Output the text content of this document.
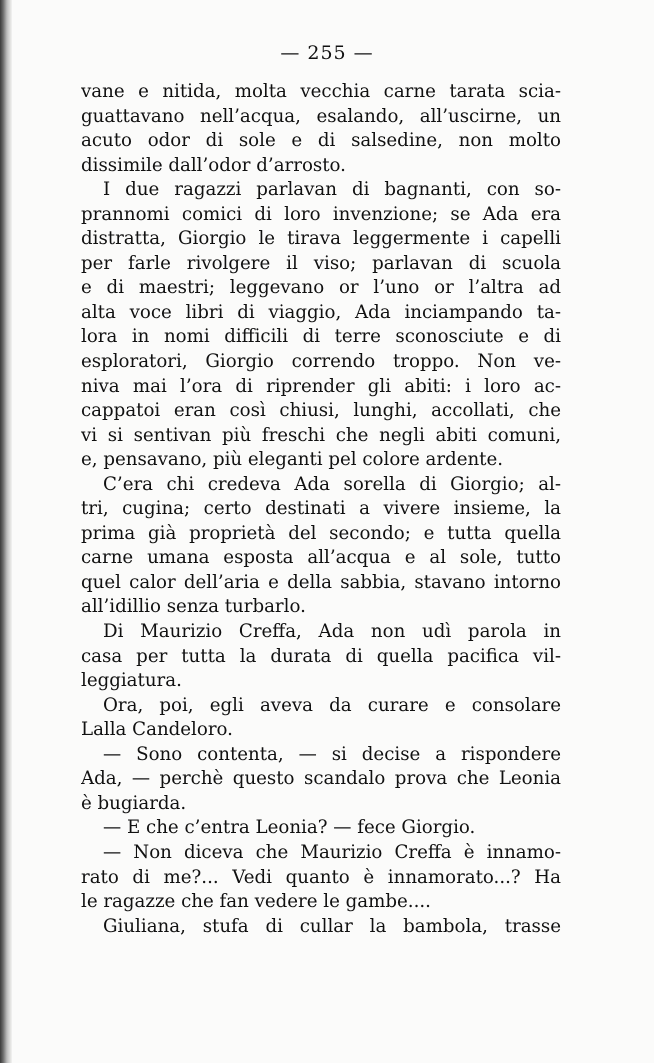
— 255 —
vane e nitida, molta vecchia carne tarata scia-
guattavano nell’acqua, esalando, all’uscirne, un
acuto odor di sole e di salsedine, non molto
dissimile dall’odor d’arrosto.
I due ragazzi parlavan di bagnanti, con so-
prannomi comici di loro invenzione; se Ada era
distratta, Giorgio le tirava leggermente i capelli
per farle rivolgere il viso; parlavan di scuola
e di maestri; leggevano or l’uno or l’altra ad
alta voce libri di viaggio, Ada inciampando ta-
lora in nomi difficili di terre sconosciute e di
esploratori, Giorgio correndo troppo. Non ve-
niva mai l’ora di riprender gli abiti: i loro ac-
cappatoi eran così chiusi, lunghi, accollati, che
vi si sentivan più freschi che negli abiti comuni,
e, pensavano, più eleganti pel colore ardente.
C’era chi credeva Ada sorella di Giorgio; al-
tri, cugina; certo destinati a vivere insieme, la
prima già proprietà del secondo; e tutta quella
carne umana esposta all’acqua e al sole, tutto
quel calor dell’aria e della sabbia, stavano intorno
all’idillio senza turbarlo.
Di Maurizio Creffa, Ada non udì parola in
casa per tutta la durata di quella pacifica vil-
leggiatura.
Ora, poi, egli aveva da curare e consolare
Lalla Candeloro.
— Sono contenta, — si decise a rispondere
Ada, — perchè questo scandalo prova che Leonia
è bugiarda.
— E che c’entra Leonia? — fece Giorgio.
— Non diceva che Maurizio Creffa è innamo-
rato di me?... Vedi quanto è innamorato...? Ha
le ragazze che fan vedere le gambe....
Giuliana, stufa di cullar la bambola, trasse
